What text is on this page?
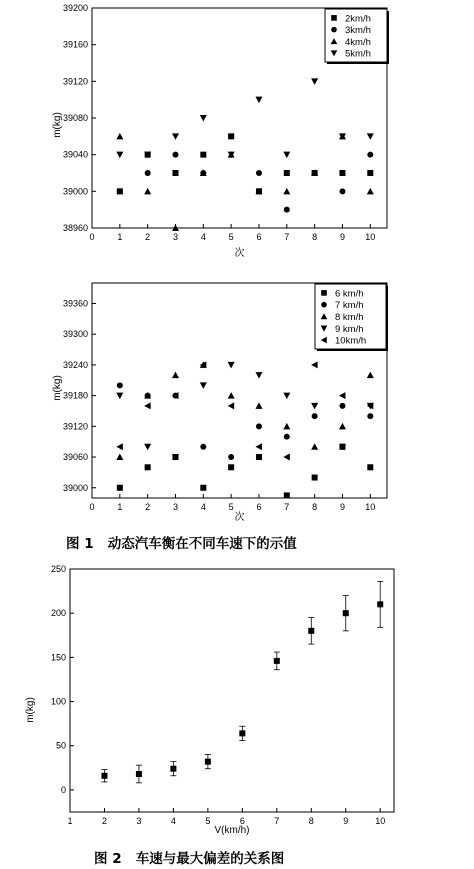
0	1	2	3	4	5	6	7	8	9 10
38960
39000
39040
39080
39120
39160
39200
次
m(kg)
2km/h
3km/h
4km/h
5km/h
0	1	2	3	4	5	6	7	8	9 10
39000
39060
39120
39180
39240
39300
39360
次
m(kg)
6 km/h
7 km/h
8 km/h
9 km/h
10km/h
1	2	3	4	5	6	7	8	9	10
0
50
100
150
200
250
V(km/h)
m(kg)
图 1   动态汽车衡在不同车速下的示值
图 2   车速与最大偏差的关系图
